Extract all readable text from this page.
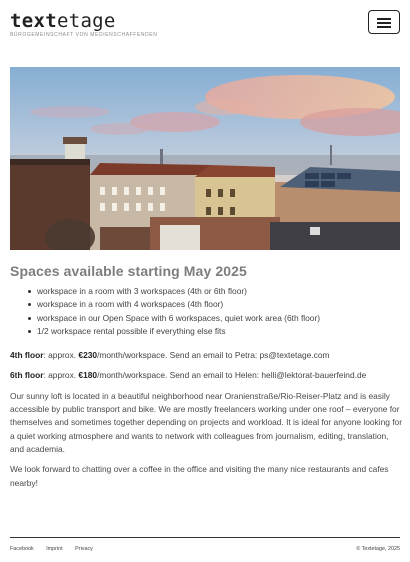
textetage
BÜROGEMEINSCHAFT VON MEDIENSCHAFFENDEN
Spaces available starting May 2025
workspace in a room with 3 workspaces (4th or 6th floor)
workspace in a room with 4 workspaces (4th floor)
workspace in our Open Space with 6 workspaces, quiet work area (6th floor)
1/2 workspace rental possible if everything else fits

4th floor: approx. €230/month/workspace. Send an email to Petra: ps@textetage.com

6th floor: approx. €180/month/workspace. Send an email to Helen: helli@lektorat-bauerfeind.de

Our sunny loft is located in a beautiful neighborhood near Oranienstraße/Rio-Reiser-Platz and is easily accessible by public transport and bike. We are mostly freelancers working under one roof – everyone for themselves and sometimes together depending on projects and workload. It is ideal for anyone looking for a quiet working atmosphere and wants to network with colleagues from journalism, editing, translation, and academia.

We look forward to chatting over a coffee in the office and visiting the many nice restaurants and cafes nearby!

Facebook Imprint Privacy	© Textetage, 2025
